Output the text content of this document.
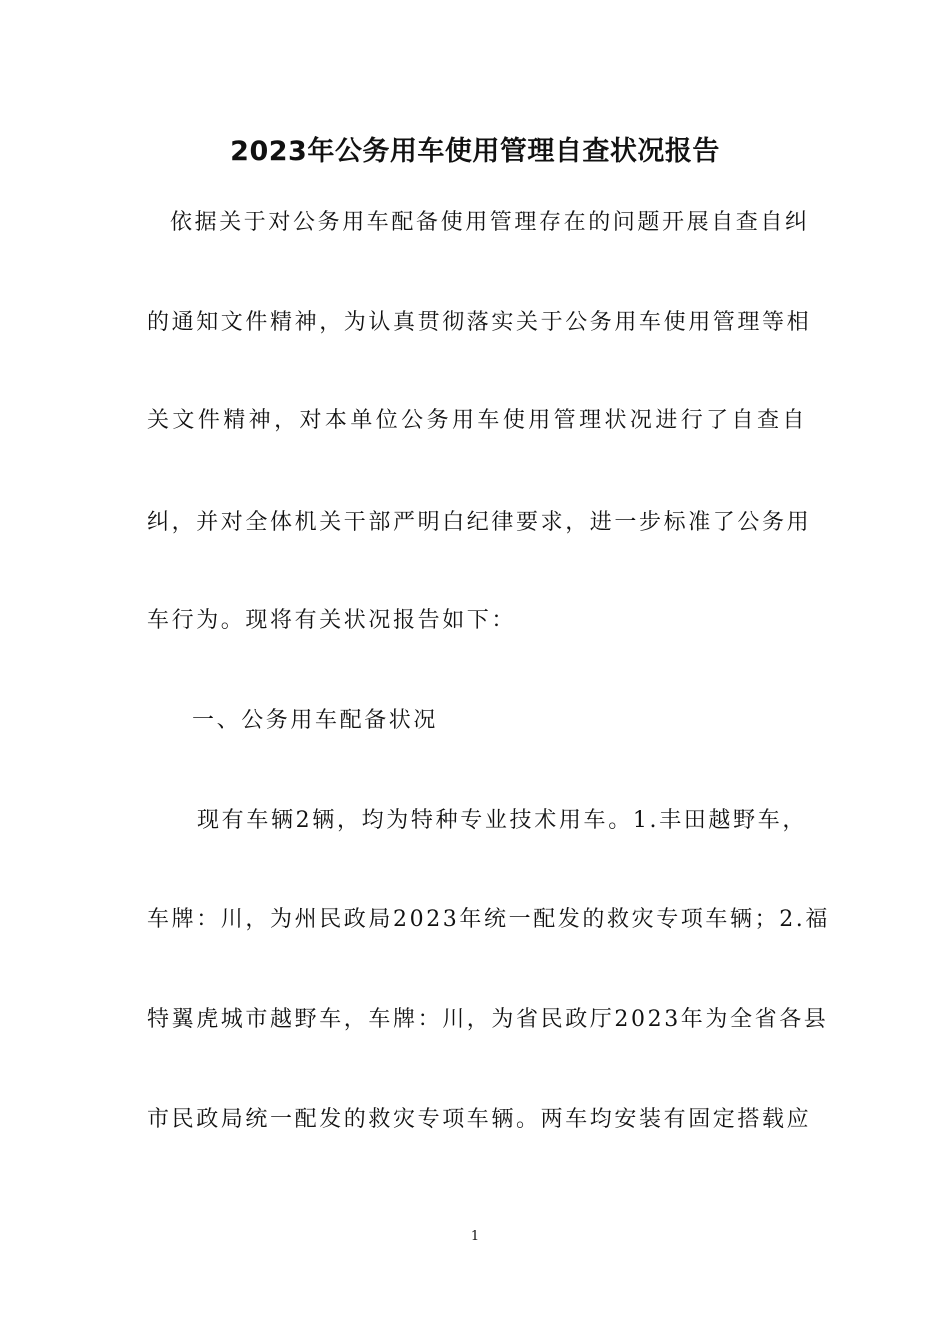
2023年公务用车使用管理自查状况报告
依据关于对公务用车配备使用管理存在的问题开展自查自纠
的通知文件精神，为认真贯彻落实关于公务用车使用管理等相
关文件精神，对本单位公务用车使用管理状况进行了自查自
纠，并对全体机关干部严明白纪律要求，进一步标准了公务用
车行为。现将有关状况报告如下：
一、公务用车配备状况
现有车辆2辆，均为特种专业技术用车。1.丰田越野车，
车牌：川，为州民政局2023年统一配发的救灾专项车辆；2.福
特翼虎城市越野车，车牌：川，为省民政厅2023年为全省各县
市民政局统一配发的救灾专项车辆。两车均安装有固定搭载应
1
